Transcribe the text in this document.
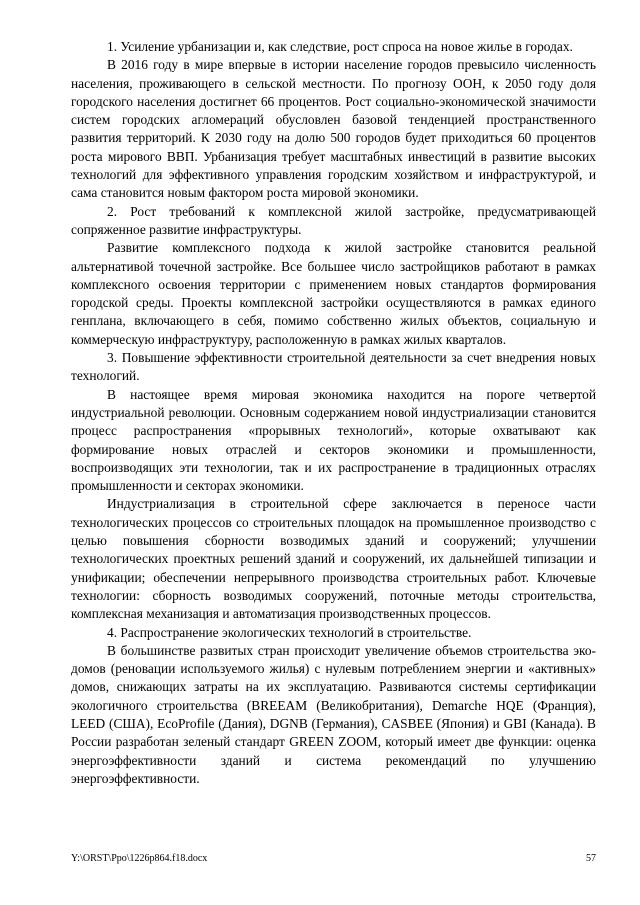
1. Усиление урбанизации и, как следствие, рост спроса на новое жилье в городах.

В 2016 году в мире впервые в истории население городов превысило численность населения, проживающего в сельской местности. По прогнозу ООН, к 2050 году доля городского населения достигнет 66 процентов. Рост социально-экономической значимости систем городских агломераций обусловлен базовой тенденцией пространственного развития территорий. К 2030 году на долю 500 городов будет приходиться 60 процентов роста мирового ВВП. Урбанизация требует масштабных инвестиций в развитие высоких технологий для эффективного управления городским хозяйством и инфраструктурой, и сама становится новым фактором роста мировой экономики.

2. Рост требований к комплексной жилой застройке, предусматривающей сопряженное развитие инфраструктуры.

Развитие комплексного подхода к жилой застройке становится реальной альтернативой точечной застройке. Все большее число застройщиков работают в рамках комплексного освоения территории с применением новых стандартов формирования городской среды. Проекты комплексной застройки осуществляются в рамках единого генплана, включающего в себя, помимо собственно жилых объектов, социальную и коммерческую инфраструктуру, расположенную в рамках жилых кварталов.

3. Повышение эффективности строительной деятельности за счет внедрения новых технологий.

В настоящее время мировая экономика находится на пороге четвертой индустриальной революции. Основным содержанием новой индустриализации становится процесс распространения «прорывных технологий», которые охватывают как формирование новых отраслей и секторов экономики и промышленности, воспроизводящих эти технологии, так и их распространение в традиционных отраслях промышленности и секторах экономики.

Индустриализация в строительной сфере заключается в переносе части технологических процессов со строительных площадок на промышленное производство с целью повышения сборности возводимых зданий и сооружений; улучшении технологических проектных решений зданий и сооружений, их дальнейшей типизации и унификации; обеспечении непрерывного производства строительных работ. Ключевые технологии: сборность возводимых сооружений, поточные методы строительства, комплексная механизация и автоматизация производственных процессов.

4. Распространение экологических технологий в строительстве.

В большинстве развитых стран происходит увеличение объемов строительства эко-домов (реновации используемого жилья) с нулевым потреблением энергии и «активных» домов, снижающих затраты на их эксплуатацию. Развиваются системы сертификации экологичного строительства (BREEAM (Великобритания), Demarche HQE (Франция), LEED (США), EcoProfile (Дания), DGNB (Германия), CASBEE (Япония) и GBI (Канада). В России разработан зеленый стандарт GREEN ZOOM, который имеет две функции: оценка энергоэффективности зданий и система рекомендаций по улучшению энергоэффективности.

Y:\ORST\Ppo\1226p864.f18.docx	57
